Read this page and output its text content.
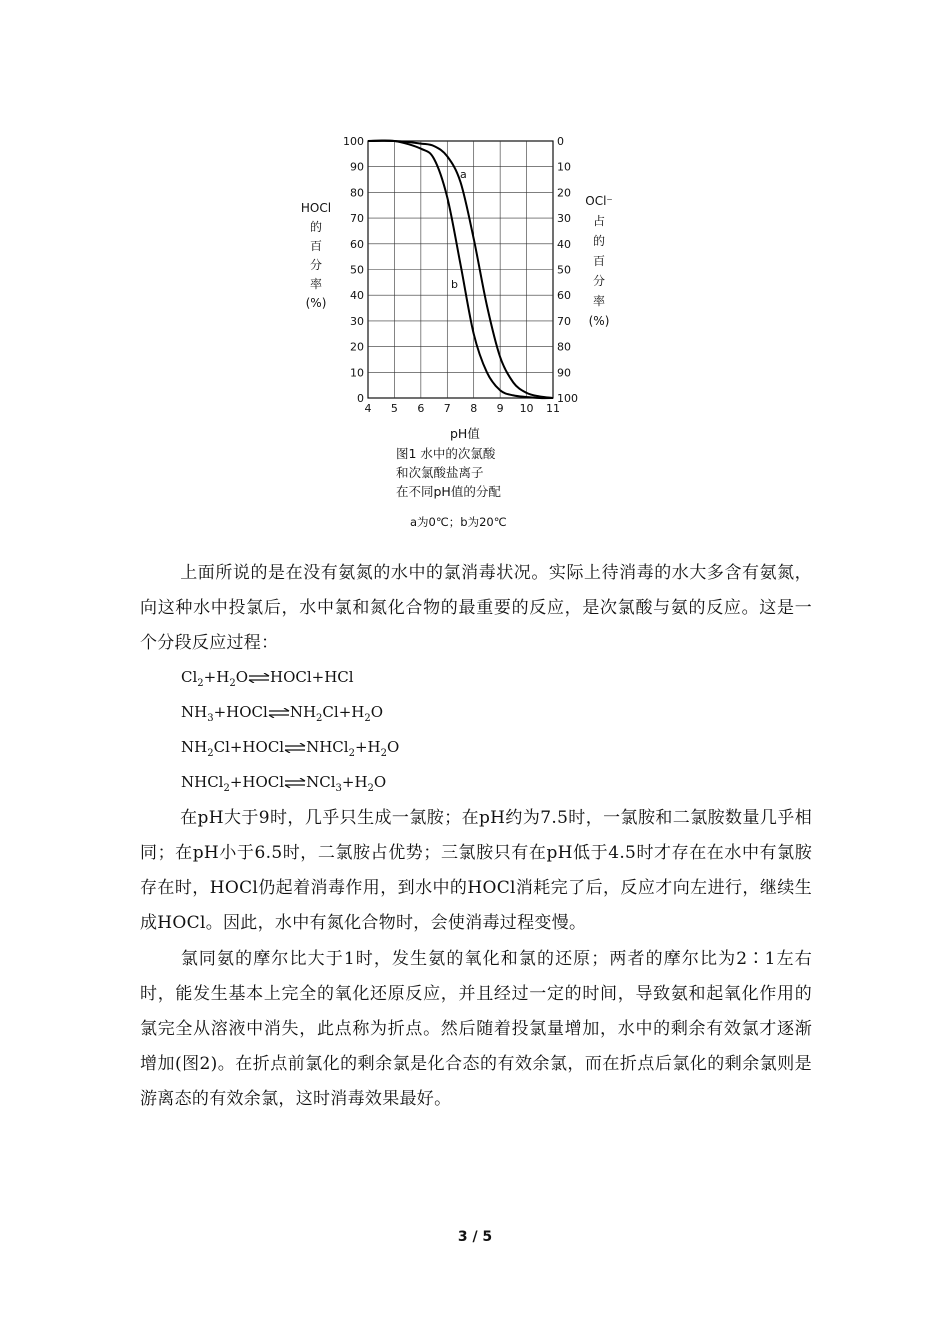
100
90
80
70
60
50
40
30
20
10
0
0
10
20
30
40
50
60
70
80
90
100
4 5 6 7 8 9 10 11
HOCl
的
百
分
率
(%)
OCl⁻
占
的
百
分
率
(%)
a
b
pH值
图1 水中的次氯酸
和次氯酸盐离子
在不同pH值的分配
a为0℃；b为20℃

上面所说的是在没有氨氮的水中的氯消毒状况。实际上待消毒的水大多含有氨氮，向这种水中投氯后，水中氯和氮化合物的最重要的反应，是次氯酸与氨的反应。这是一个分段反应过程：

$Cl_2+H_2O\rightleftharpoons HOCl+HCl$

$NH_3+HOCl\rightleftharpoons NH_2Cl+H_2O$

$NH_2Cl+HOCl\rightleftharpoons NHCl_2+H_2O$

$NHCl_2+HOCl\rightleftharpoons NCl_3+H_2O$

在pH大于9时，几乎只生成一氯胺；在pH约为7.5时，一氯胺和二氯胺数量几乎相同；在pH小于6.5时，二氯胺占优势；三氯胺只有在pH低于4.5时才存在在水中有氯胺存在时，HOCl仍起着消毒作用，到水中的HOCl消耗完了后，反应才向左进行，继续生成HOCl。因此，水中有氮化合物时，会使消毒过程变慢。

氯同氨的摩尔比大于1时，发生氨的氧化和氯的还原；两者的摩尔比为2∶1左右时，能发生基本上完全的氧化还原反应，并且经过一定的时间，导致氨和起氧化作用的氯完全从溶液中消失，此点称为折点。然后随着投氯量增加，水中的剩余有效氯才逐渐增加(图2)。在折点前氯化的剩余氯是化合态的有效余氯，而在折点后氯化的剩余氯则是游离态的有效余氯，这时消毒效果最好。

3 / 5
